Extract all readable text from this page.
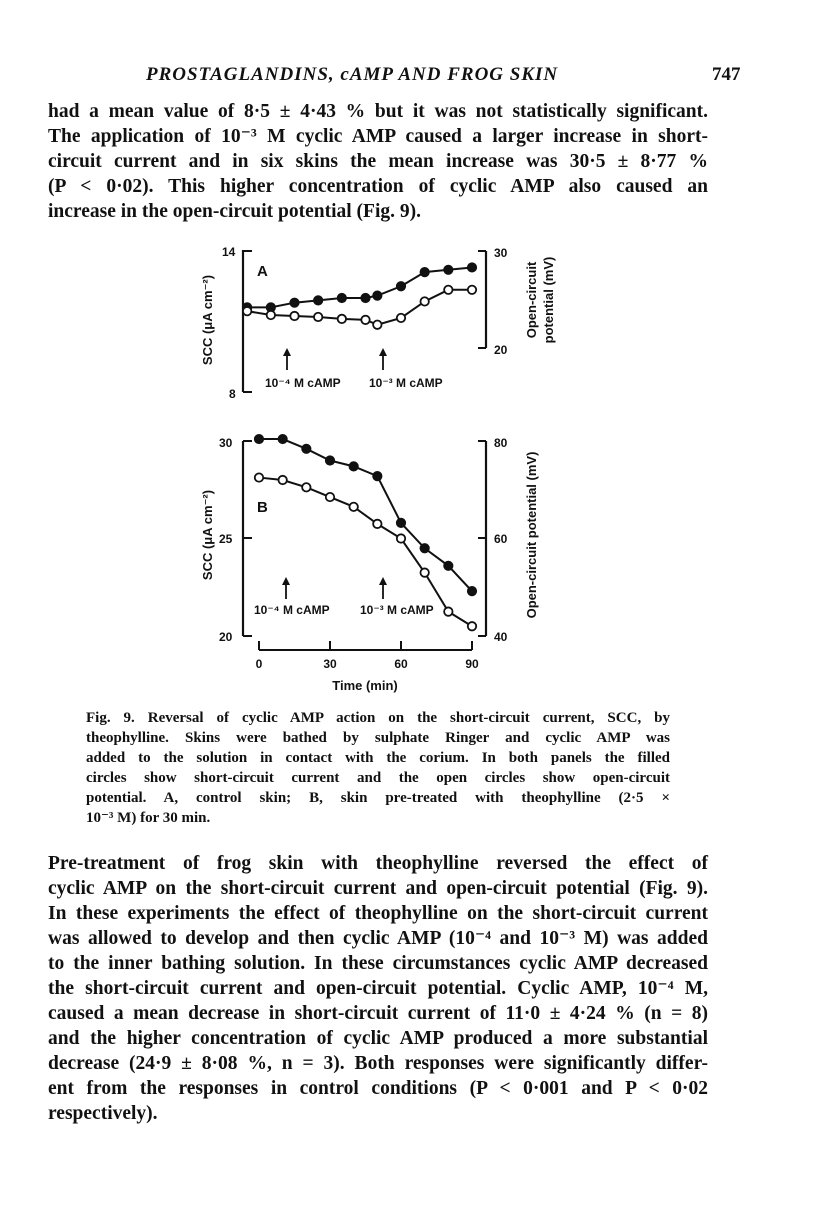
PROSTAGLANDINS, cAMP AND FROG SKIN	747

had a mean value of 8·5 ± 4·43 % but it was not statistically significant.
The application of 10⁻³ M cyclic AMP caused a larger increase in short-
circuit current and in six skins the mean increase was 30·5 ± 8·77 %
(P < 0·02). This higher concentration of cyclic AMP also caused an
increase in the open-circuit potential (Fig. 9).

14
8
30
20
A
SCC (μA cm⁻²)	Open-circuit potential (mV)
10⁻⁴ M cAMP 10⁻³ M cAMP
30
25
20
80
60
40
B
SCC (μA cm⁻²)	Open-circuit potential (mV)
10⁻⁴ M cAMP	10⁻³ M cAMP
0	30	60	90
Time (min)

Fig. 9. Reversal of cyclic AMP action on the short-circuit current, SCC, by
theophylline. Skins were bathed by sulphate Ringer and cyclic AMP was
added to the solution in contact with the corium. In both panels the filled
circles show short-circuit current and the open circles show open-circuit
potential. A, control skin; B, skin pre-treated with theophylline (2·5 ×
10⁻³ M) for 30 min.

Pre-treatment of frog skin with theophylline reversed the effect of
cyclic AMP on the short-circuit current and open-circuit potential (Fig. 9).
In these experiments the effect of theophylline on the short-circuit current
was allowed to develop and then cyclic AMP (10⁻⁴ and 10⁻³ M) was added
to the inner bathing solution. In these circumstances cyclic AMP decreased
the short-circuit current and open-circuit potential. Cyclic AMP, 10⁻⁴ M,
caused a mean decrease in short-circuit current of 11·0 ± 4·24 % (n = 8)
and the higher concentration of cyclic AMP produced a more substantial
decrease (24·9 ± 8·08 %, n = 3). Both responses were significantly differ-
ent from the responses in control conditions (P < 0·001 and P < 0·02
respectively).
